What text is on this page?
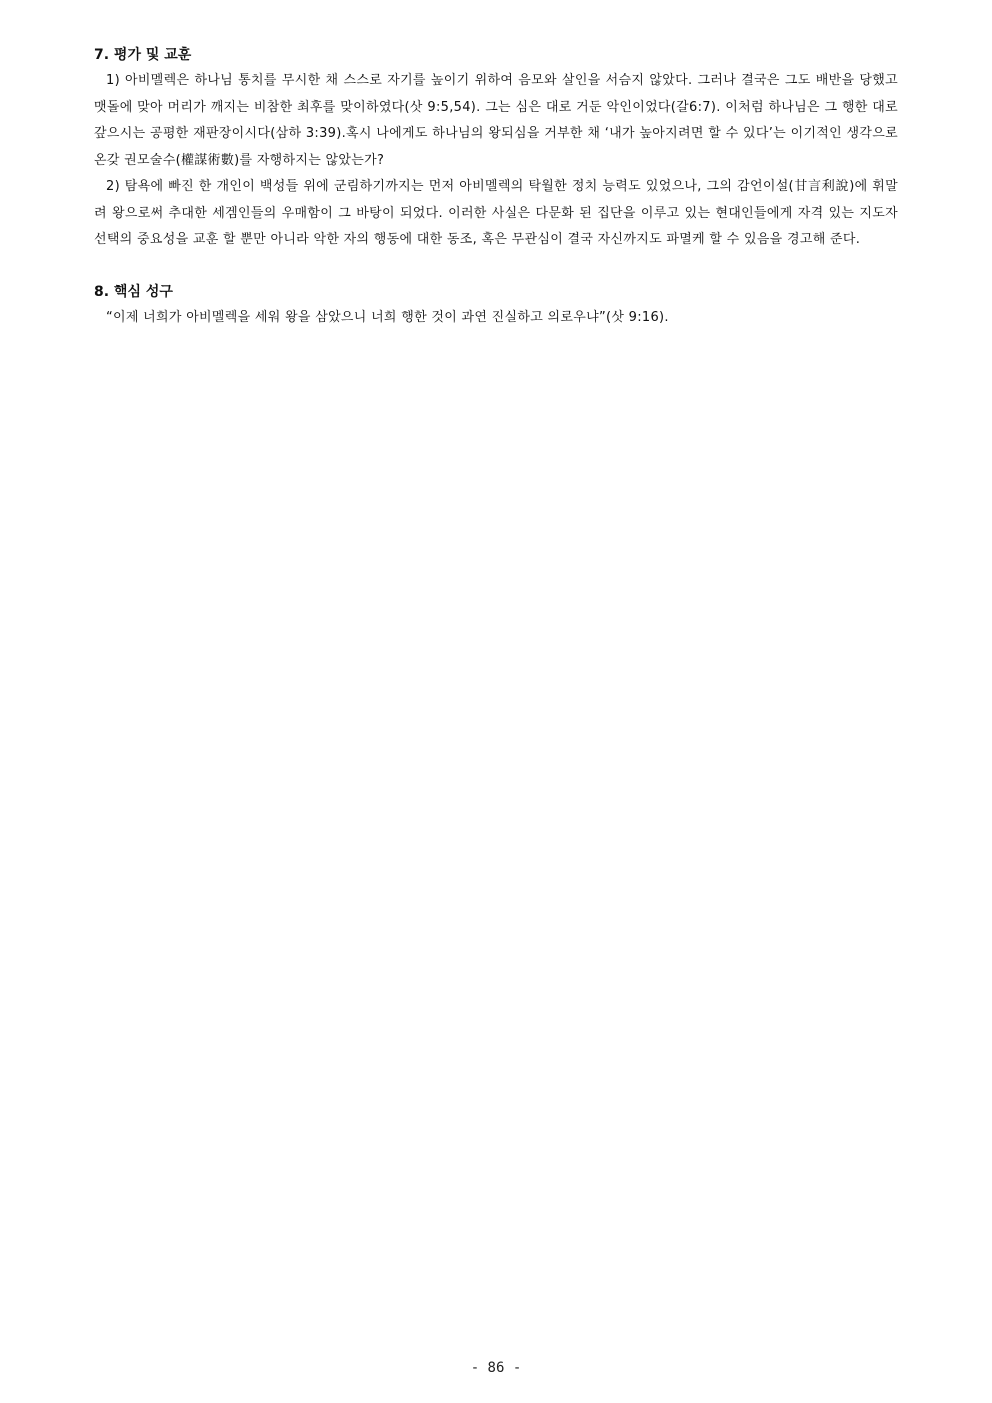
7. 평가 및 교훈

1) 아비멜렉은 하나님 통치를 무시한 채 스스로 자기를 높이기 위하여 음모와 살인을 서슴지 않았다. 그러나 결국은 그도 배반을 당했고 맷돌에 맞아 머리가 깨지는 비참한 최후를 맞이하였다(삿 9:5,54). 그는 심은 대로 거둔 악인이었다(갈6:7). 이처럼 하나님은 그 행한 대로 갚으시는 공평한 재판장이시다(삼하 3:39).혹시 나에게도 하나님의 왕되심을 거부한 채 ‘내가 높아지려면 할 수 있다’는 이기적인 생각으로 온갖 권모술수(權謀術數)를 자행하지는 않았는가?

2) 탐욕에 빠진 한 개인이 백성들 위에 군림하기까지는 먼저 아비멜렉의 탁월한 정치 능력도 있었으나, 그의 감언이설(甘言利說)에 휘말려 왕으로써 추대한 세겜인들의 우매함이 그 바탕이 되었다. 이러한 사실은 다문화 된 집단을 이루고 있는 현대인들에게 자격 있는 지도자 선택의 중요성을 교훈 할 뿐만 아니라 악한 자의 행동에 대한 동조, 혹은 무관심이 결국 자신까지도 파멸케 할 수 있음을 경고해 준다.

8. 핵심 성구

“이제 너희가 아비멜렉을 세워 왕을 삼았으니 너희 행한 것이 과연 진실하고 의로우냐”(삿 9:16).

- 86 -
